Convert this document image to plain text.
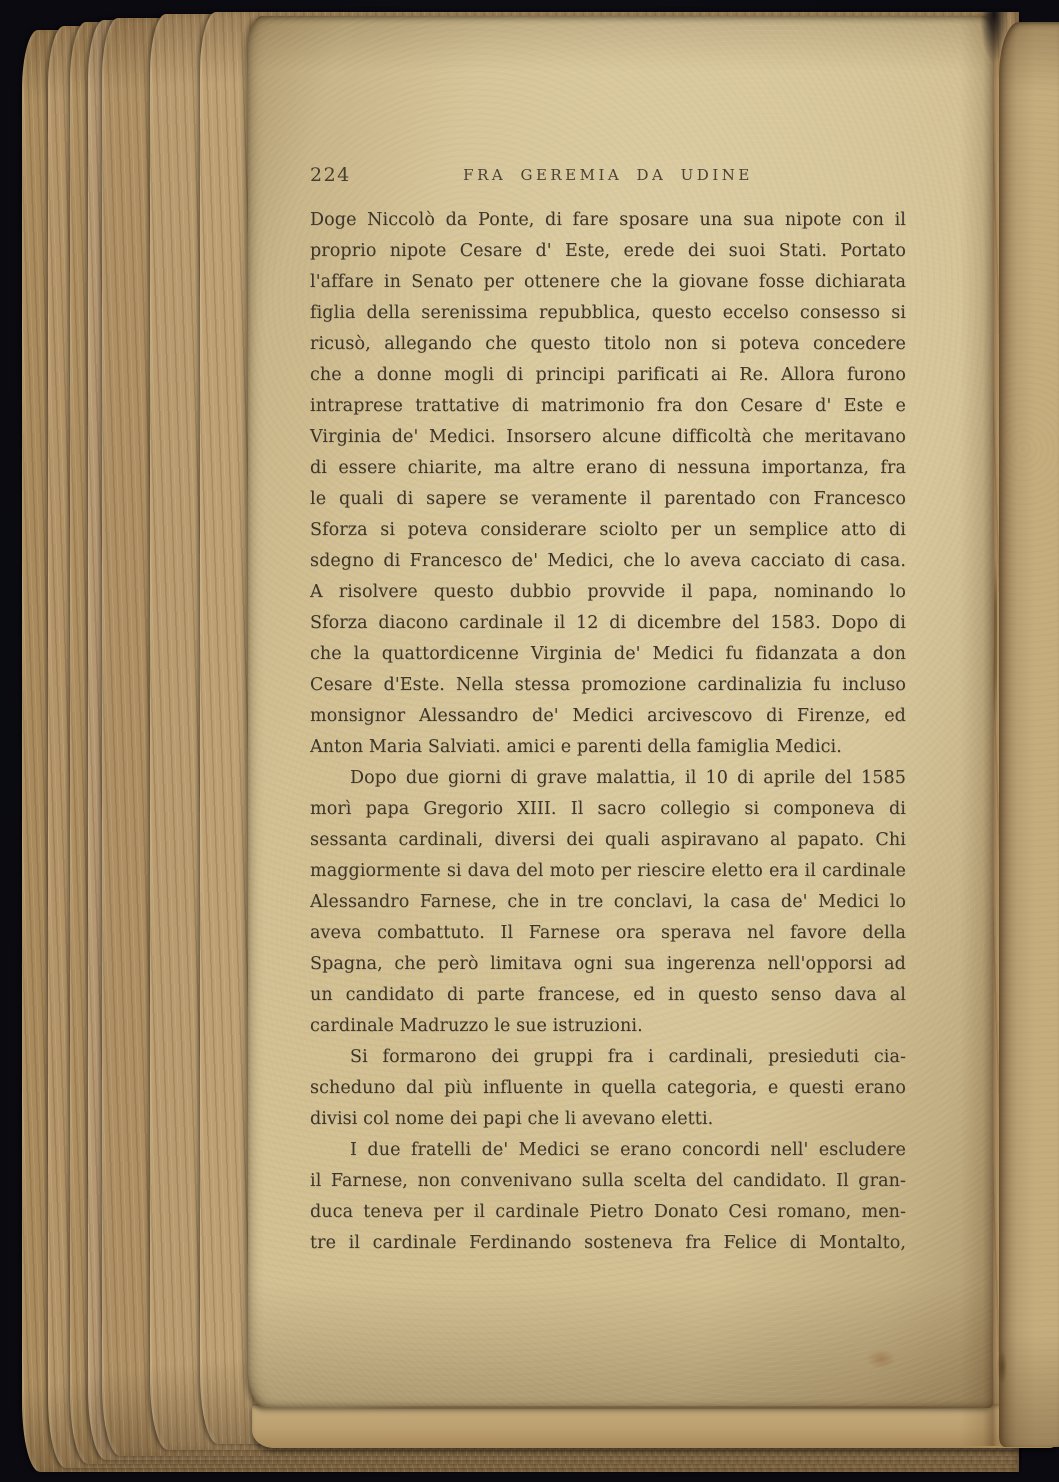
224	FRA GEREMIA DA UDINE
Doge Niccolò da Ponte, di fare sposare una sua nipote con il
proprio nipote Cesare d' Este, erede dei suoi Stati. Portato
l'affare in Senato per ottenere che la giovane fosse dichiarata
figlia della serenissima repubblica, questo eccelso consesso si
ricusò, allegando che questo titolo non si poteva concedere
che a donne mogli di principi parificati ai Re. Allora furono
intraprese trattative di matrimonio fra don Cesare d' Este e
Virginia de' Medici. Insorsero alcune difficoltà che meritavano
di essere chiarite, ma altre erano di nessuna importanza, fra
le quali di sapere se veramente il parentado con Francesco
Sforza si poteva considerare sciolto per un semplice atto di
sdegno di Francesco de' Medici, che lo aveva cacciato di casa.
A risolvere questo dubbio provvide il papa, nominando lo
Sforza diacono cardinale il 12 di dicembre del 1583. Dopo di
che la quattordicenne Virginia de' Medici fu fidanzata a don
Cesare d'Este. Nella stessa promozione cardinalizia fu incluso
monsignor Alessandro de' Medici arcivescovo di Firenze, ed
Anton Maria Salviati. amici e parenti della famiglia Medici.
Dopo due giorni di grave malattia, il 10 di aprile del 1585
morì papa Gregorio XIII. Il sacro collegio si componeva di
sessanta cardinali, diversi dei quali aspiravano al papato. Chi
maggiormente si dava del moto per riescire eletto era il cardinale
Alessandro Farnese, che in tre conclavi, la casa de' Medici lo
aveva combattuto. Il Farnese ora sperava nel favore della
Spagna, che però limitava ogni sua ingerenza nell'opporsi ad
un candidato di parte francese, ed in questo senso dava al
cardinale Madruzzo le sue istruzioni.
Si formarono dei gruppi fra i cardinali, presieduti cia-
scheduno dal più influente in quella categoria, e questi erano
divisi col nome dei papi che li avevano eletti.
I due fratelli de' Medici se erano concordi nell' escludere
il Farnese, non convenivano sulla scelta del candidato. Il gran-
duca teneva per il cardinale Pietro Donato Cesi romano, men-
tre il cardinale Ferdinando sosteneva fra Felice di Montalto,
